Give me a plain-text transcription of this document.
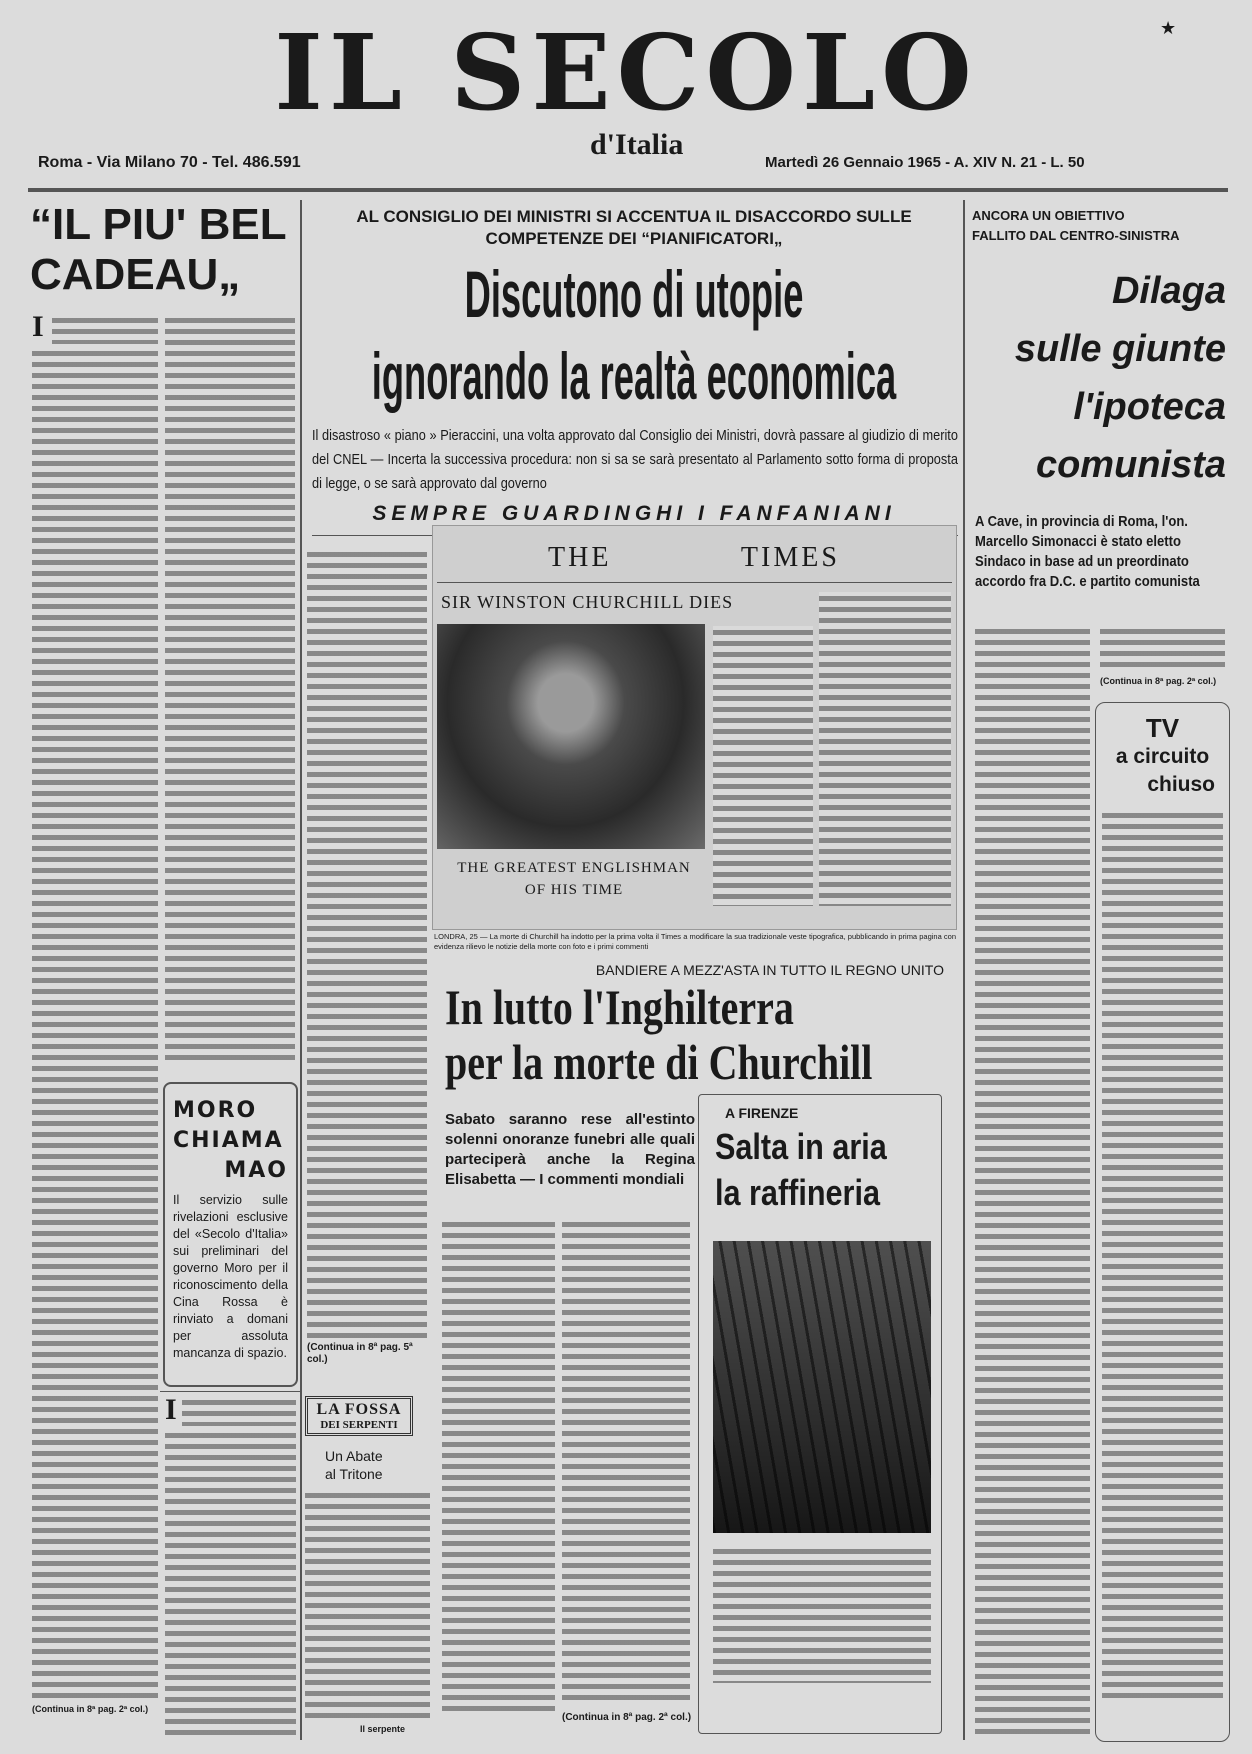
IL SECOLO	★
d'Italia
Roma - Via Milano 70 - Tel. 486.591	Martedì 26 Gennaio 1965 - A. XIV N. 21 - L. 50
“IL PIU' BEL
CADEAU„
I
(Continua in 8ª pag. 2ª col.)
MORO
CHIAMA
MAO
Il servizio sulle rivelazioni esclusive del «Secolo d'Italia» sui preliminari del governo Moro per il riconoscimento della Cina Rossa è rinviato a domani per assoluta mancanza di spazio.
I
AL CONSIGLIO DEI MINISTRI SI ACCENTUA IL DISACCORDO SULLE COMPETENZE DEI “PIANIFICATORI„
Discutono di utopie
ignorando la realtà economica
Il disastroso « piano » Pieraccini, una volta approvato dal Consiglio dei Ministri, dovrà passare al giudizio di merito del CNEL — Incerta la successiva procedura: non si sa se sarà presentato al Parlamento sotto forma di proposta di legge, o se sarà approvato dal governo
SEMPRE GUARDINGHI I FANFANIANI
(Continua in 8ª pag. 5ª col.)
THE TIMES
SIR WINSTON CHURCHILL DIES
THE GREATEST ENGLISHMAN
OF HIS TIME
LONDRA, 25 — La morte di Churchill ha indotto per la prima volta il Times a modificare la sua tradizionale veste tipografica, pubblicando in prima pagina con evidenza rilievo le notizie della morte con foto e i primi commenti
BANDIERE A MEZZ'ASTA IN TUTTO IL REGNO UNITO
In lutto l'Inghilterra
per la morte di Churchill
Sabato saranno rese all'estinto solenni onoranze funebri alle quali parteciperà anche la Regina Elisabetta — I commenti mondiali
(Continua in 8ª pag. 2ª col.)
A FIRENZE
Salta in aria
la raffineria
LA FOSSA
DEI SERPENTI
Un Abate
al Tritone
Il serpente
ANCORA UN OBIETTIVO
FALLITO DAL CENTRO-SINISTRA
Dilaga
sulle giunte
l'ipoteca
comunista
A Cave, in provincia di Roma, l'on. Marcello Simonacci è stato eletto Sindaco in base ad un preordinato accordo fra D.C. e partito comunista
(Continua in 8ª pag. 2ª col.)
TV
a circuito
chiuso
